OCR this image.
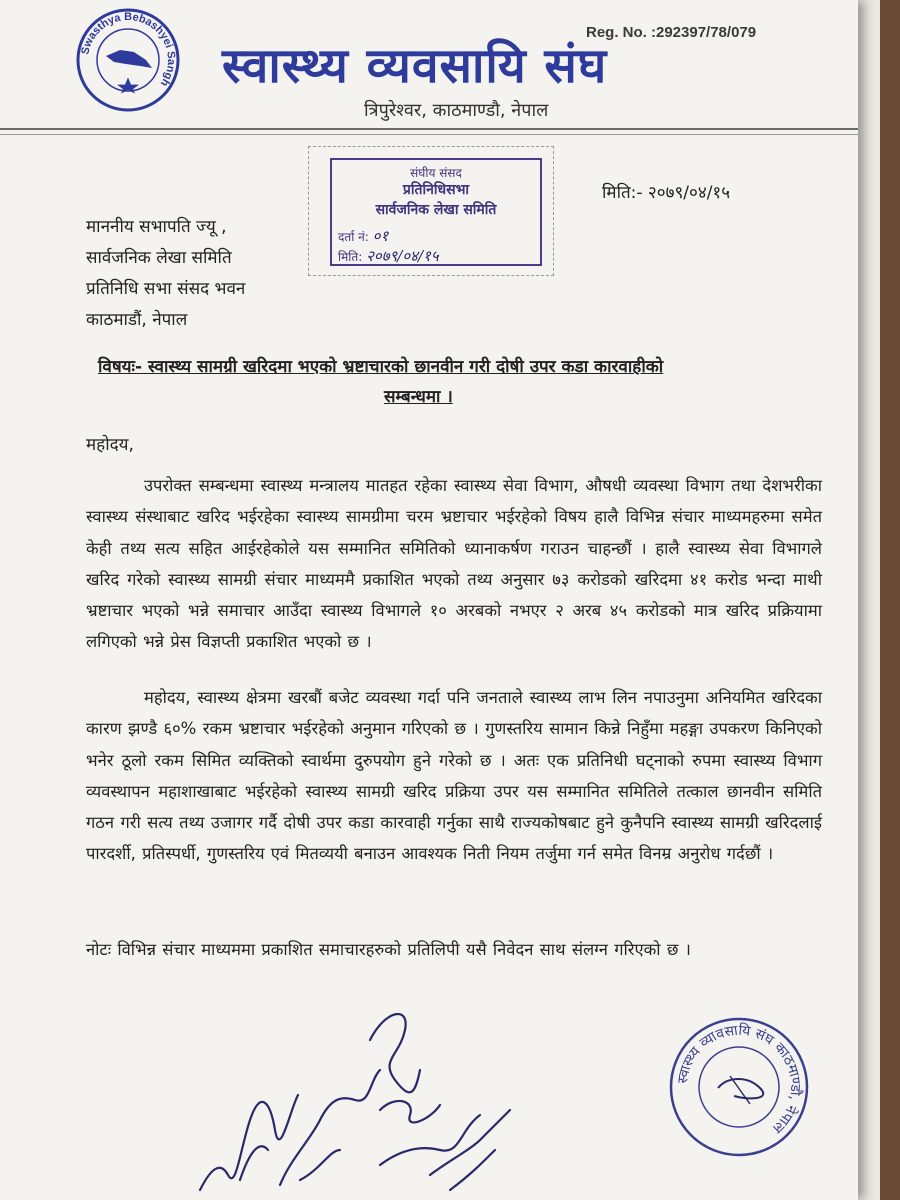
Swasthya Bebashyei Sangh
Reg. No. :292397/78/079
स्वास्थ्य व्यवसायि संघ
त्रिपुरेश्वर, काठमाण्डौ, नेपाल
संघीय संसद
प्रतिनिधिसभा
सार्वजनिक लेखा समिति
दर्ता नं: ०१
मिति: २०७९/०४/१५
मिति:- २०७९/०४/१५
माननीय सभापति ज्यू ,
सार्वजनिक लेखा समिति
प्रतिनिधि सभा संसद भवन
काठमाडौं, नेपाल
विषयः- स्वास्थ्य सामग्री खरिदमा भएको भ्रष्टाचारको छानवीन गरी दोषी उपर कडा कारवाहीको
सम्बन्धमा ।
महोदय,
उपरोक्त सम्बन्धमा स्वास्थ्य मन्त्रालय मातहत रहेका स्वास्थ्य सेवा विभाग, औषधी व्यवस्था विभाग तथा देशभरीका स्वास्थ्य संस्थाबाट खरिद भईरहेका स्वास्थ्य सामग्रीमा चरम भ्रष्टाचार भईरहेको विषय हालै विभिन्न संचार माध्यमहरुमा समेत केही तथ्य सत्य सहित आईरहेकोले यस सम्मानित समितिको ध्यानाकर्षण गराउन चाहन्छौं । हालै स्वास्थ्य सेवा विभागले खरिद गरेको स्वास्थ्य सामग्री संचार माध्यममै प्रकाशित भएको तथ्य अनुसार ७३ करोडको खरिदमा ४१ करोड भन्दा माथी भ्रष्टाचार भएको भन्ने समाचार आउँदा स्वास्थ्य विभागले १० अरबको नभएर २ अरब ४५ करोडको मात्र खरिद प्रक्रियामा लगिएको भन्ने प्रेस विज्ञप्ती प्रकाशित भएको छ ।
महोदय, स्वास्थ्य क्षेत्रमा खरबौं बजेट व्यवस्था गर्दा पनि जनताले स्वास्थ्य लाभ लिन नपाउनुमा अनियमित खरिदका कारण झण्डै ६०% रकम भ्रष्टाचार भईरहेको अनुमान गरिएको छ । गुणस्तरिय सामान किन्ने निहुँमा महङ्गा उपकरण किनिएको भनेर ठूलो रकम सिमित व्यक्तिको स्वार्थमा दुरुपयोग हुने गरेको छ । अतः एक प्रतिनिधी घट्नाको रुपमा स्वास्थ्य विभाग व्यवस्थापन महाशाखाबाट भईरहेको स्वास्थ्य सामग्री खरिद प्रक्रिया उपर यस सम्मानित समितिले तत्काल छानवीन समिति गठन गरी सत्य तथ्य उजागर गर्दै दोषी उपर कडा कारवाही गर्नुका साथै राज्यकोषबाट हुने कुनैपनि स्वास्थ्य सामग्री खरिदलाई पारदर्शी, प्रतिस्पर्धी, गुणस्तरिय एवं मितव्ययी बनाउन आवश्यक निती नियम तर्जुमा गर्न समेत विनम्र अनुरोध गर्दछौं ।
नोटः विभिन्न संचार माध्यममा प्रकाशित समाचारहरुको प्रतिलिपी यसै निवेदन साथ संलग्न गरिएको छ ।
स्वास्थ्य व्यावसायि संघ काठमाण्डौ, नेपाल
